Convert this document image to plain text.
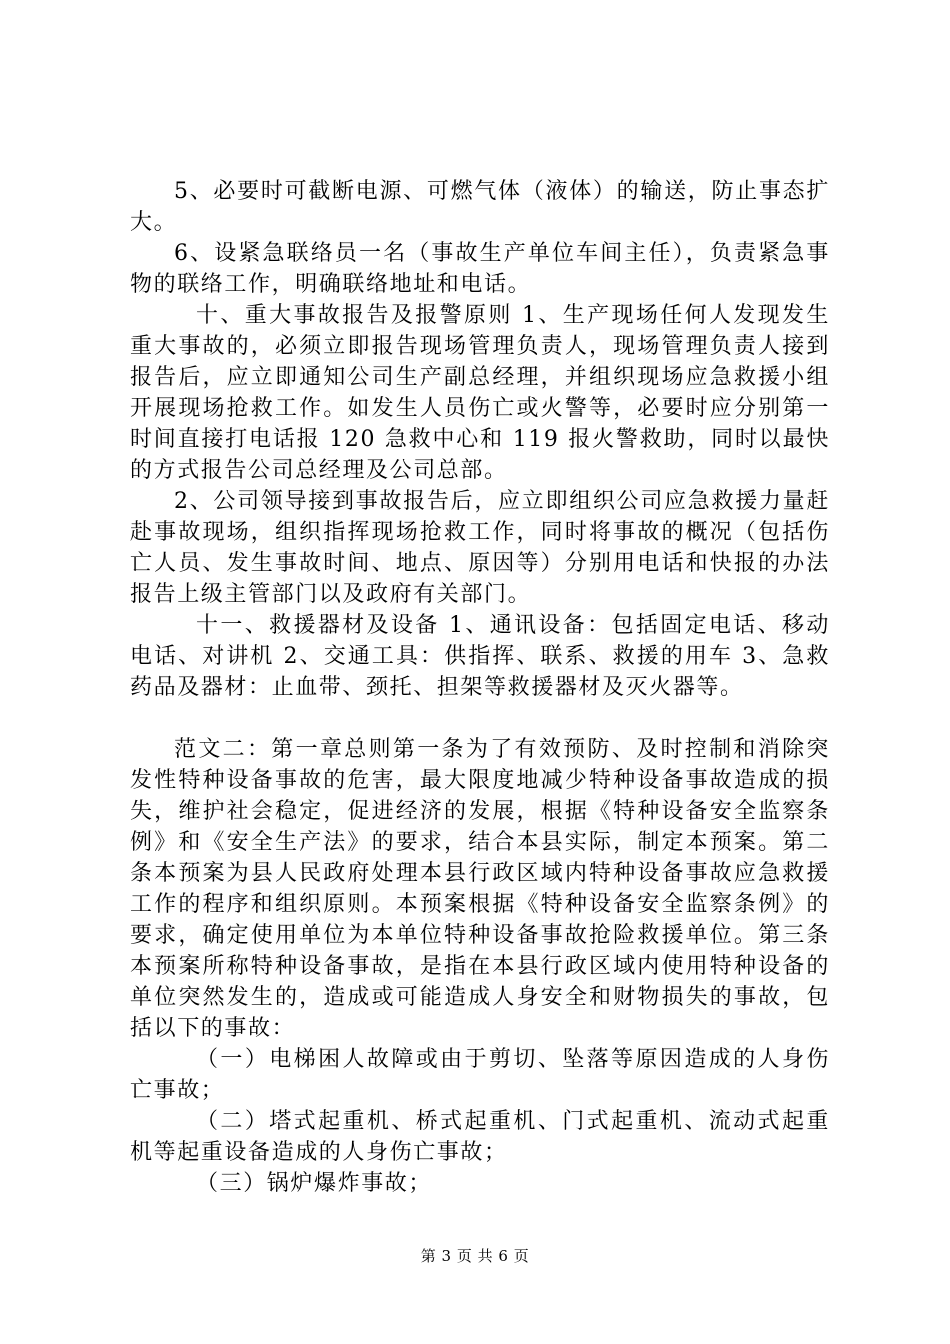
5、必要时可截断电源、可燃气体（液体）的输送，防止事态扩大。

6、设紧急联络员一名（事故生产单位车间主任），负责紧急事物的联络工作，明确联络地址和电话。

十、重大事故报告及报警原则 1、生产现场任何人发现发生重大事故的，必须立即报告现场管理负责人，现场管理负责人接到报告后，应立即通知公司生产副总经理，并组织现场应急救援小组开展现场抢救工作。如发生人员伤亡或火警等，必要时应分别第一时间直接打电话报 120 急救中心和 119 报火警救助，同时以最快的方式报告公司总经理及公司总部。

2、公司领导接到事故报告后，应立即组织公司应急救援力量赶赴事故现场，组织指挥现场抢救工作，同时将事故的概况（包括伤亡人员、发生事故时间、地点、原因等）分别用电话和快报的办法报告上级主管部门以及政府有关部门。

十一、救援器材及设备 1、通讯设备：包括固定电话、移动电话、对讲机 2、交通工具：供指挥、联系、救援的用车 3、急救药品及器材：止血带、颈托、担架等救援器材及灭火器等。

范文二：第一章总则第一条为了有效预防、及时控制和消除突发性特种设备事故的危害，最大限度地减少特种设备事故造成的损失，维护社会稳定，促进经济的发展，根据《特种设备安全监察条例》和《安全生产法》的要求，结合本县实际，制定本预案。第二条本预案为县人民政府处理本县行政区域内特种设备事故应急救援工作的程序和组织原则。本预案根据《特种设备安全监察条例》的要求，确定使用单位为本单位特种设备事故抢险救援单位。第三条本预案所称特种设备事故，是指在本县行政区域内使用特种设备的单位突然发生的，造成或可能造成人身安全和财物损失的事故，包括以下的事故：

（一）电梯困人故障或由于剪切、坠落等原因造成的人身伤亡事故；

（二）塔式起重机、桥式起重机、门式起重机、流动式起重机等起重设备造成的人身伤亡事故；

（三）锅炉爆炸事故；

第 3 页 共 6 页
